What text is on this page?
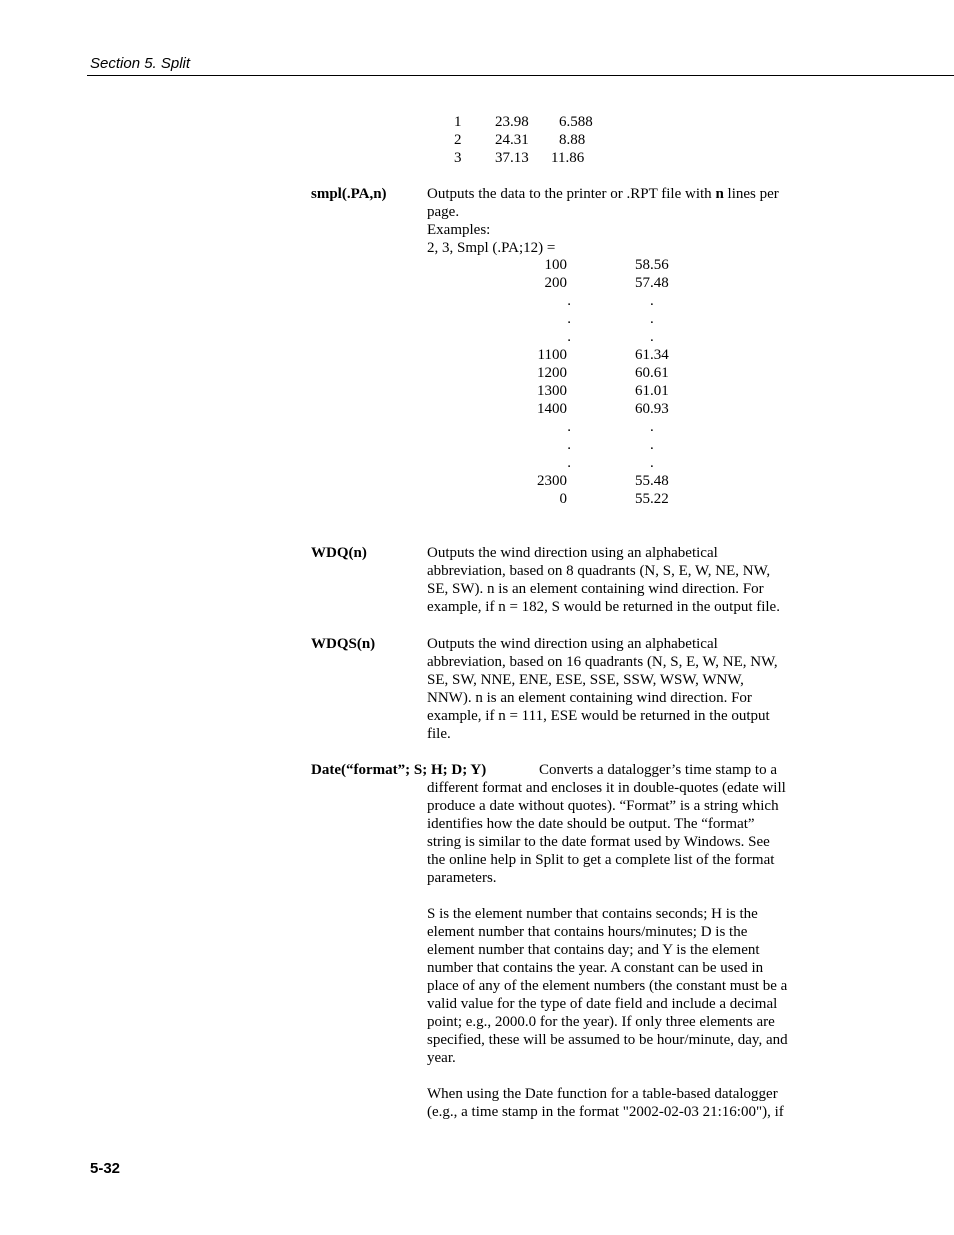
Section 5. Split
1 23.98 6.588
2 24.31 8.88
3 37.13 11.86
smpl(.PA,n)	Outputs the data to the printer or .RPT file with n lines per page.

Examples:

2, 3, Smpl (.PA;12) =

100	58.56
200	57.48
.	.
.	.
.	.
1100	61.34
1200	60.61
1300	61.01
1400	60.93
.	.
.	.
.	.
2300	55.48
0	55.22
WDQ(n)	Outputs the wind direction using an alphabetical
abbreviation, based on 8 quadrants (N, S, E, W, NE, NW,
SE, SW). n is an element containing wind direction. For
example, if n = 182, S would be returned in the output file.
WDQS(n)	Outputs the wind direction using an alphabetical
abbreviation, based on 16 quadrants (N, S, E, W, NE, NW,
SE, SW, NNE, ENE, ESE, SSE, SSW, WSW, WNW,
NNW). n is an element containing wind direction. For
example, if n = 111, ESE would be returned in the output
file.
Date(“format”; S; H; D; Y)	Converts a datalogger’s time stamp to a
different format and encloses it in double-quotes (edate will
produce a date without quotes). “Format” is a string which
identifies how the date should be output. The “format”
string is similar to the date format used by Windows. See
the online help in Split to get a complete list of the format
parameters.
S is the element number that contains seconds; H is the
element number that contains hours/minutes; D is the
element number that contains day; and Y is the element
number that contains the year. A constant can be used in
place of any of the element numbers (the constant must be a
valid value for the type of date field and include a decimal
point; e.g., 2000.0 for the year). If only three elements are
specified, these will be assumed to be hour/minute, day, and
year.
When using the Date function for a table-based datalogger
(e.g., a time stamp in the format "2002-02-03 21:16:00"), if
5-32
